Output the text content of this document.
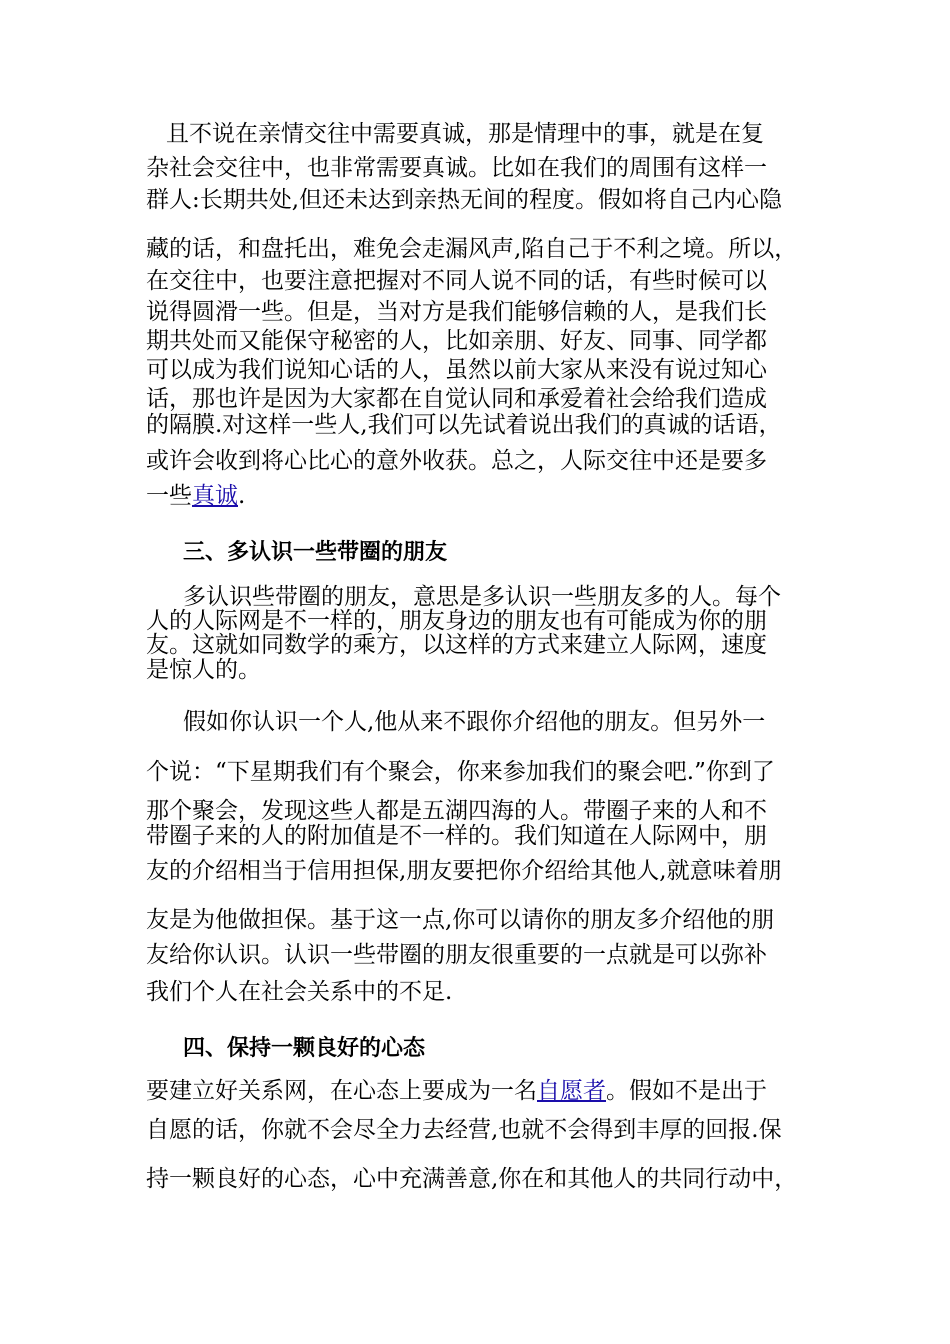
且不说在亲情交往中需要真诚，那是情理中的事，就是在复
杂社会交往中，也非常需要真诚。比如在我们的周围有这样一
群人:长期共处,但还未达到亲热无间的程度。假如将自己内心隐
藏的话，和盘托出，难免会走漏风声,陷自己于不利之境。所以，
在交往中，也要注意把握对不同人说不同的话，有些时候可以
说得圆滑一些。但是，当对方是我们能够信赖的人，是我们长
期共处而又能保守秘密的人，比如亲朋、好友、同事、同学都
可以成为我们说知心话的人，虽然以前大家从来没有说过知心
话，那也许是因为大家都在自觉认同和承爱着社会给我们造成
的隔膜.对这样一些人,我们可以先试着说出我们的真诚的话语，
或许会收到将心比心的意外收获。总之，人际交往中还是要多
一些真诚.
三、多认识一些带圈的朋友
多认识些带圈的朋友，意思是多认识一些朋友多的人。每个
人的人际网是不一样的，朋友身边的朋友也有可能成为你的朋
友。这就如同数学的乘方，以这样的方式来建立人际网，速度
是惊人的。
假如你认识一个人,他从来不跟你介绍他的朋友。但另外一
个说：“下星期我们有个聚会，你来参加我们的聚会吧.”你到了
那个聚会，发现这些人都是五湖四海的人。带圈子来的人和不
带圈子来的人的附加值是不一样的。我们知道在人际网中，朋
友的介绍相当于信用担保,朋友要把你介绍给其他人,就意味着朋
友是为他做担保。基于这一点,你可以请你的朋友多介绍他的朋
友给你认识。认识一些带圈的朋友很重要的一点就是可以弥补
我们个人在社会关系中的不足.
四、保持一颗良好的心态
要建立好关系网，在心态上要成为一名自愿者。假如不是出于
自愿的话，你就不会尽全力去经营,也就不会得到丰厚的回报.保
持一颗良好的心态，心中充满善意,你在和其他人的共同行动中，
